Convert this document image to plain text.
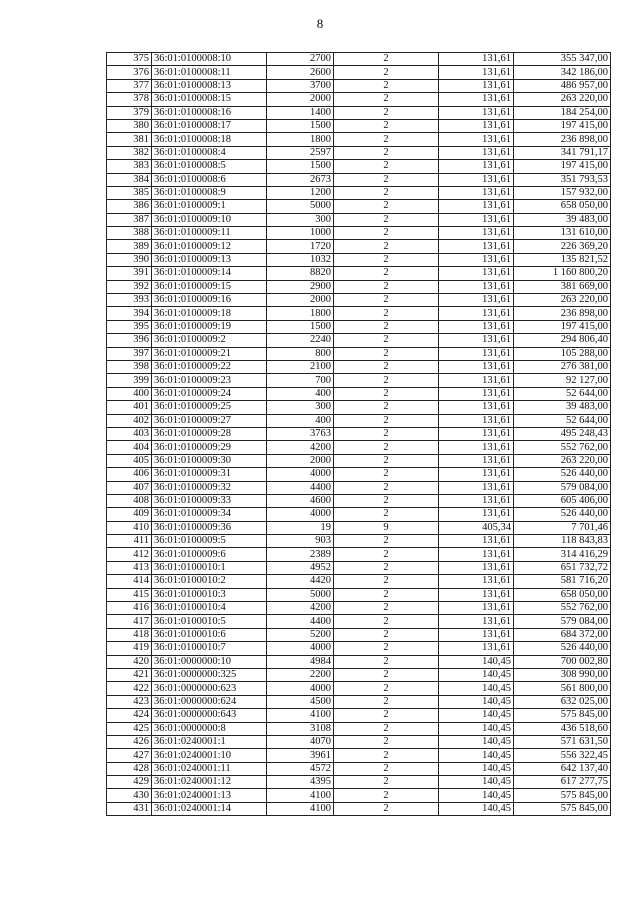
8
375	36:01:0100008:10	2700	2	131,61	355 347,00
376	36:01:0100008:11	2600	2	131,61	342 186,00
377	36:01:0100008:13	3700	2	131,61	486 957,00
378	36:01:0100008:15	2000	2	131,61	263 220,00
379	36:01:0100008:16	1400	2	131,61	184 254,00
380	36:01:0100008:17	1500	2	131,61	197 415,00
381	36:01:0100008:18	1800	2	131,61	236 898,00
382	36:01:0100008:4	2597	2	131,61	341 791,17
383	36:01:0100008:5	1500	2	131,61	197 415,00
384	36:01:0100008:6	2673	2	131,61	351 793,53
385	36:01:0100008:9	1200	2	131,61	157 932,00
386	36:01:0100009:1	5000	2	131,61	658 050,00
387	36:01:0100009:10	300	2	131,61	39 483,00
388	36:01:0100009:11	1000	2	131,61	131 610,00
389	36:01:0100009:12	1720	2	131,61	226 369,20
390	36:01:0100009:13	1032	2	131,61	135 821,52
391	36:01:0100009:14	8820	2	131,61	1 160 800,20
392	36:01:0100009:15	2900	2	131,61	381 669,00
393	36:01:0100009:16	2000	2	131,61	263 220,00
394	36:01:0100009:18	1800	2	131,61	236 898,00
395	36:01:0100009:19	1500	2	131,61	197 415,00
396	36:01:0100009:2	2240	2	131,61	294 806,40
397	36:01:0100009:21	800	2	131,61	105 288,00
398	36:01:0100009:22	2100	2	131,61	276 381,00
399	36:01:0100009:23	700	2	131,61	92 127,00
400	36:01:0100009:24	400	2	131,61	52 644,00
401	36:01:0100009:25	300	2	131,61	39 483,00
402	36:01:0100009:27	400	2	131,61	52 644,00
403	36:01:0100009:28	3763	2	131,61	495 248,43
404	36:01:0100009:29	4200	2	131,61	552 762,00
405	36:01:0100009:30	2000	2	131,61	263 220,00
406	36:01:0100009:31	4000	2	131,61	526 440,00
407	36:01:0100009:32	4400	2	131,61	579 084,00
408	36:01:0100009:33	4600	2	131,61	605 406,00
409	36:01:0100009:34	4000	2	131,61	526 440,00
410	36:01:0100009:36	19	9	405,34	7 701,46
411	36:01:0100009:5	903	2	131,61	118 843,83
412	36:01:0100009:6	2389	2	131,61	314 416,29
413	36:01:0100010:1	4952	2	131,61	651 732,72
414	36:01:0100010:2	4420	2	131,61	581 716,20
415	36:01:0100010:3	5000	2	131,61	658 050,00
416	36:01:0100010:4	4200	2	131,61	552 762,00
417	36:01:0100010:5	4400	2	131,61	579 084,00
418	36:01:0100010:6	5200	2	131,61	684 372,00
419	36:01:0100010:7	4000	2	131,61	526 440,00
420	36:01:0000000:10	4984	2	140,45	700 002,80
421	36:01:0000000:325	2200	2	140,45	308 990,00
422	36:01:0000000:623	4000	2	140,45	561 800,00
423	36:01:0000000:624	4500	2	140,45	632 025,00
424	36:01:0000000:643	4100	2	140,45	575 845,00
425	36:01:0000000:8	3108	2	140,45	436 518,60
426	36:01:0240001:1	4070	2	140,45	571 631,50
427	36:01:0240001:10	3961	2	140,45	556 322,45
428	36:01:0240001:11	4572	2	140,45	642 137,40
429	36:01:0240001:12	4395	2	140,45	617 277,75
430	36:01:0240001:13	4100	2	140,45	575 845,00
431	36:01:0240001:14	4100	2	140,45	575 845,00
